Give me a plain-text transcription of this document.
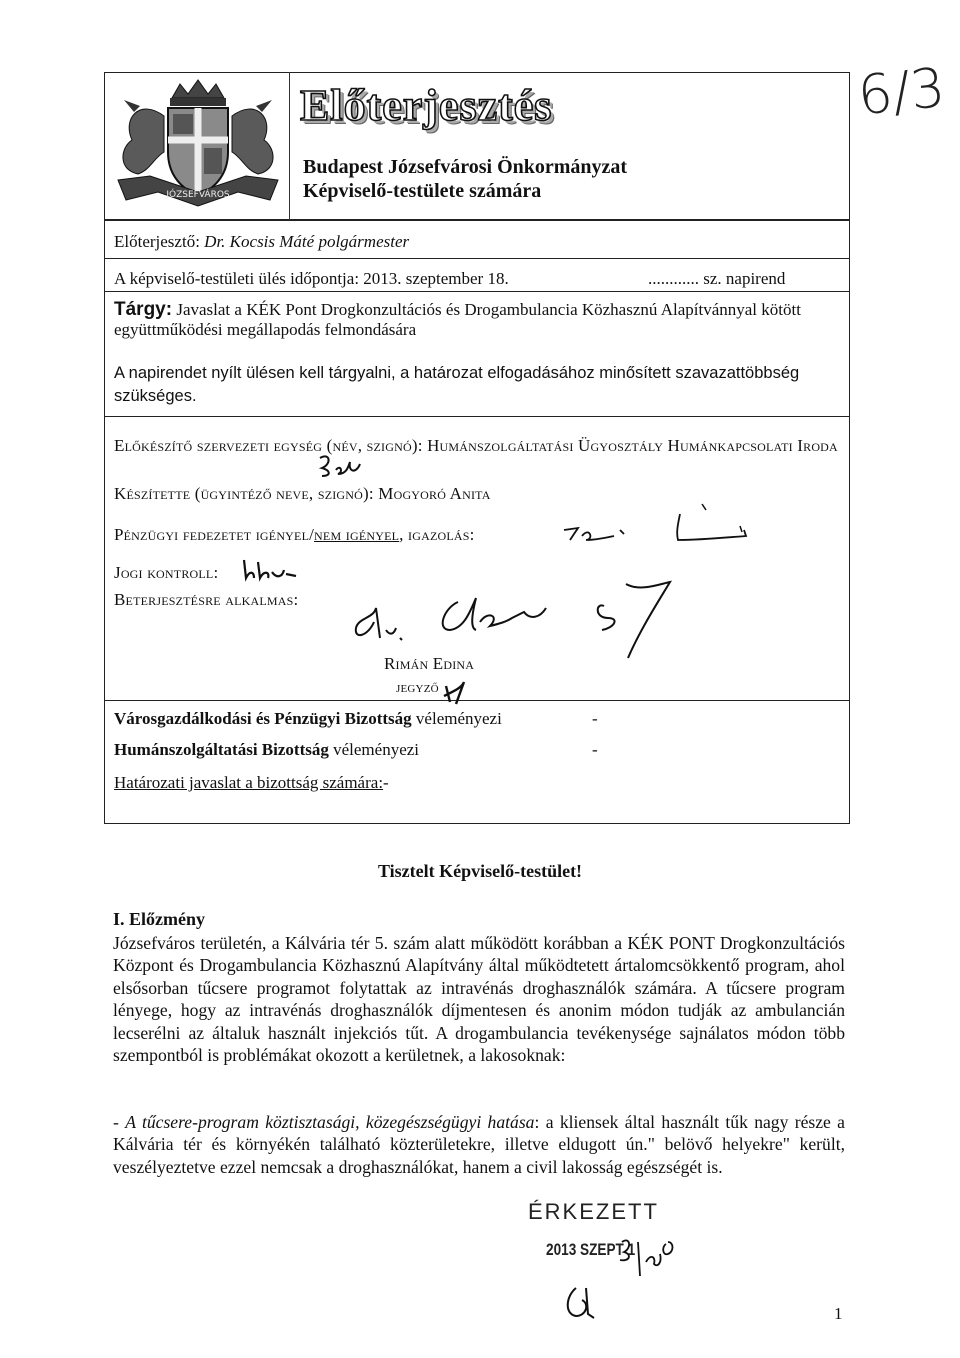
JÓZSEFVÁROS
Előterjesztés
Budapest Józsefvárosi Önkormányzat
Képviselő-testülete számára
6/3
Előterjesztő: Dr. Kocsis Máté polgármester
A képviselő-testületi ülés időpontja: 2013. szeptember 18.	............ sz. napirend
Tárgy: Javaslat a KÉK Pont Drogkonzultációs és Drogambulancia Közhasznú Alapítvánnyal kötött együttműködési megállapodás felmondására
A napirendet nyílt ülésen kell tárgyalni, a határozat elfogadásához minősített szavazattöbbség szükséges.
Előkészítő szervezeti egység (név, szignó): Humánszolgáltatási Ügyosztály Humánkapcsolati Iroda
Készítette (ügyintéző neve, szignó): Mogyoró Anita
Pénzügyi fedezetet igényel/nem igényel, igazolás:
Jogi kontroll:
Beterjesztésre alkalmas:
Rimán Edina
jegyző
Városgazdálkodási és Pénzügyi Bizottság véleményezi	-
Humánszolgáltatási Bizottság véleményezi	-
Határozati javaslat a bizottság számára:-
Tisztelt Képviselő-testület!
I. Előzmény
Józsefváros területén, a Kálvária tér 5. szám alatt működött korábban a KÉK PONT Drogkonzultációs Központ és Drogambulancia Közhasznú Alapítvány által működtetett ártalomcsökkentő program, ahol elsősorban tűcsere programot folytattak az intravénás droghasználók számára. A tűcsere program lényege, hogy az intravénás droghasználók díjmentesen és anonim módon tudják az ambulancián lecserélni az általuk használt injekciós tűt. A drogambulancia tevékenysége sajnálatos módon több szempontból is problémákat okozott a kerületnek, a lakosoknak:
- A tűcsere-program köztisztasági, közegészségügyi hatása: a kliensek által használt tűk nagy része a Kálvária tér és környékén található közterületekre, illetve eldugott ún." belövő helyekre" került, veszélyeztetve ezzel nemcsak a droghasználókat, hanem a civil lakosság egészségét is.
ÉRKEZETT
2013 SZEPT 1
1
